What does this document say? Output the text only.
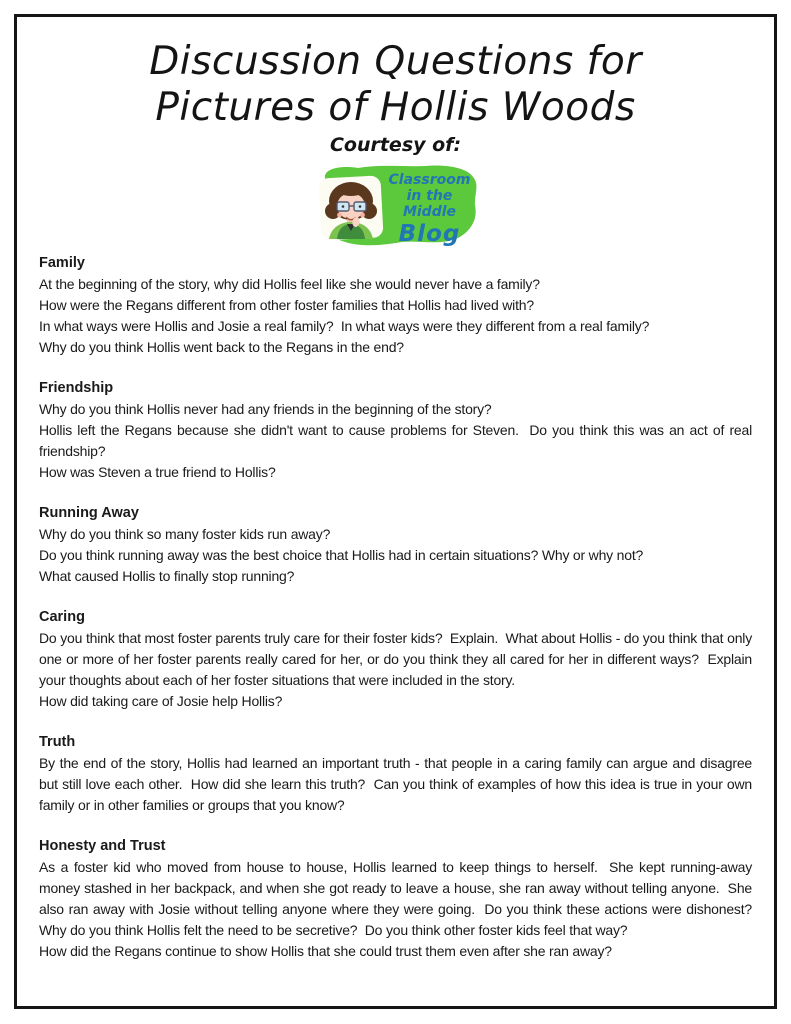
Discussion Questions for
Pictures of Hollis Woods
Courtesy of:
Classroom
in the Middle
Blog
Family

At the beginning of the story, why did Hollis feel like she would never have a family?

How were the Regans different from other foster families that Hollis had lived with?

In what ways were Hollis and Josie a real family?  In what ways were they different from a real family?

Why do you think Hollis went back to the Regans in the end?

Friendship

Why do you think Hollis never had any friends in the beginning of the story?

Hollis left the Regans because she didn't want to cause problems for Steven.  Do you think this was an act of real friendship?

How was Steven a true friend to Hollis?

Running Away

Why do you think so many foster kids run away?

Do you think running away was the best choice that Hollis had in certain situations? Why or why not?

What caused Hollis to finally stop running?

Caring

Do you think that most foster parents truly care for their foster kids?  Explain.  What about Hollis - do you think that only one or more of her foster parents really cared for her, or do you think they all cared for her in different ways?  Explain your thoughts about each of her foster situations that were included in the story.

How did taking care of Josie help Hollis?

Truth

By the end of the story, Hollis had learned an important truth - that people in a caring family can argue and disagree but still love each other.  How did she learn this truth?  Can you think of examples of how this idea is true in your own family or in other families or groups that you know?

Honesty and Trust

As a foster kid who moved from house to house, Hollis learned to keep things to herself.  She kept running-away money stashed in her backpack, and when she got ready to leave a house, she ran away without telling anyone.  She also ran away with Josie without telling anyone where they were going.  Do you think these actions were dishonest?  Why do you think Hollis felt the need to be secretive?  Do you think other foster kids feel that way?

How did the Regans continue to show Hollis that she could trust them even after she ran away?
